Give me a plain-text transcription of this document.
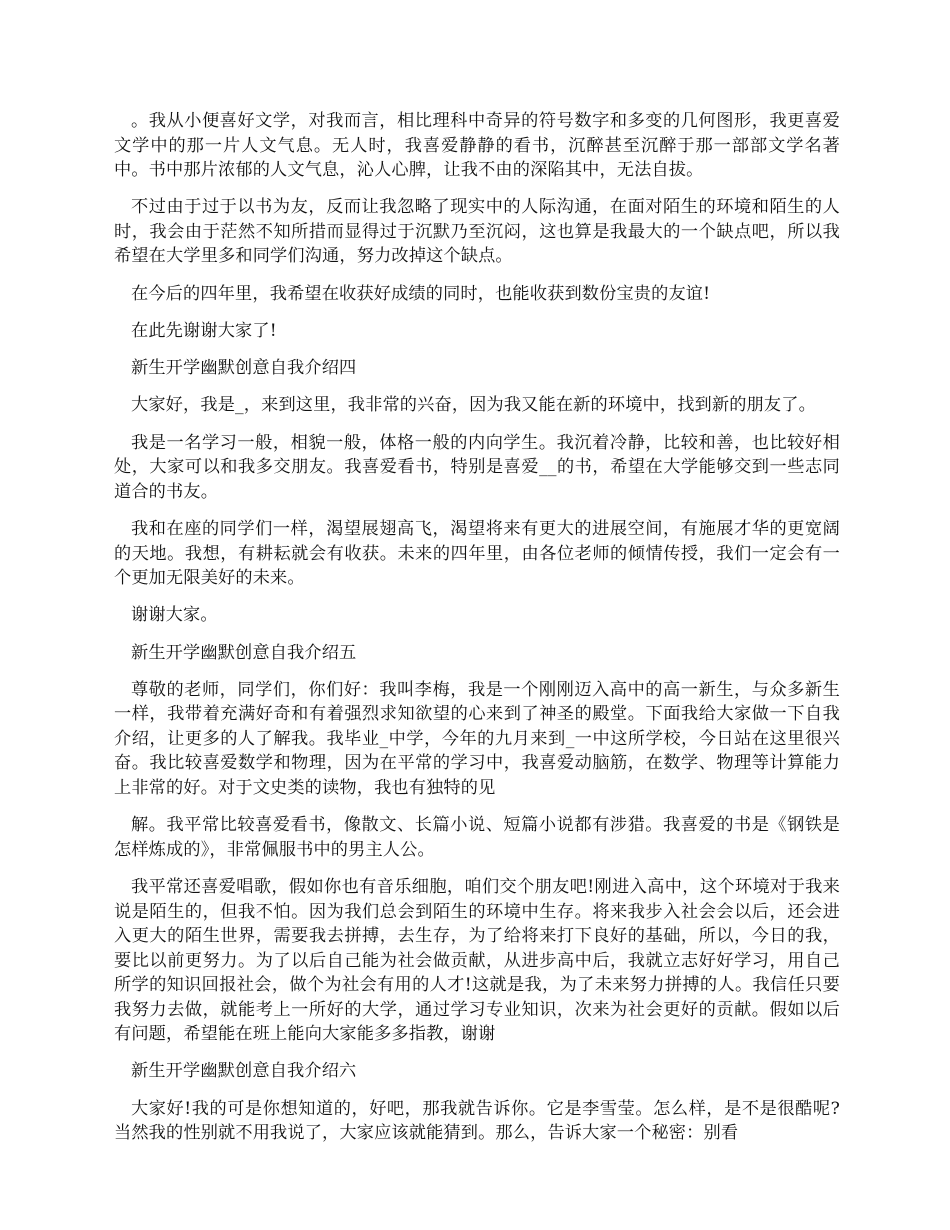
。我从小便喜好文学，对我而言，相比理科中奇异的符号数字和多变的几何图形，我更喜爱文学中的那一片人文气息。无人时，我喜爱静静的看书，沉醉甚至沉醉于那一部部文学名著中。书中那片浓郁的人文气息，沁人心脾，让我不由的深陷其中，无法自拔。

不过由于过于以书为友，反而让我忽略了现实中的人际沟通，在面对陌生的环境和陌生的人时，我会由于茫然不知所措而显得过于沉默乃至沉闷，这也算是我最大的一个缺点吧，所以我希望在大学里多和同学们沟通，努力改掉这个缺点。

在今后的四年里，我希望在收获好成绩的同时，也能收获到数份宝贵的友谊!

在此先谢谢大家了!

新生开学幽默创意自我介绍四

大家好，我是_，来到这里，我非常的兴奋，因为我又能在新的环境中，找到新的朋友了。

我是一名学习一般，相貌一般，体格一般的内向学生。我沉着冷静，比较和善，也比较好相处，大家可以和我多交朋友。我喜爱看书，特别是喜爱__的书，希望在大学能够交到一些志同道合的书友。

我和在座的同学们一样，渴望展翅高飞，渴望将来有更大的进展空间，有施展才华的更宽阔的天地。我想，有耕耘就会有收获。未来的四年里，由各位老师的倾情传授，我们一定会有一个更加无限美好的未来。

谢谢大家。

新生开学幽默创意自我介绍五

尊敬的老师，同学们，你们好：我叫李梅，我是一个刚刚迈入高中的高一新生，与众多新生一样，我带着充满好奇和有着强烈求知欲望的心来到了神圣的殿堂。下面我给大家做一下自我介绍，让更多的人了解我。我毕业_中学，今年的九月来到_一中这所学校，今日站在这里很兴奋。我比较喜爱数学和物理，因为在平常的学习中，我喜爱动脑筋，在数学、物理等计算能力上非常的好。对于文史类的读物，我也有独特的见

解。我平常比较喜爱看书，像散文、长篇小说、短篇小说都有涉猎。我喜爱的书是《钢铁是怎样炼成的》，非常佩服书中的男主人公。

我平常还喜爱唱歌，假如你也有音乐细胞，咱们交个朋友吧!刚进入高中，这个环境对于我来说是陌生的，但我不怕。因为我们总会到陌生的环境中生存。将来我步入社会会以后，还会进入更大的陌生世界，需要我去拼搏，去生存，为了给将来打下良好的基础，所以，今日的我，要比以前更努力。为了以后自己能为社会做贡献，从进步高中后，我就立志好好学习，用自己所学的知识回报社会，做个为社会有用的人才!这就是我，为了未来努力拼搏的人。我信任只要我努力去做，就能考上一所好的大学，通过学习专业知识，次来为社会更好的贡献。假如以后有问题，希望能在班上能向大家能多多指教，谢谢

新生开学幽默创意自我介绍六

大家好!我的可是你想知道的，好吧，那我就告诉你。它是李雪莹。怎么样，是不是很酷呢?当然我的性别就不用我说了，大家应该就能猜到。那么，告诉大家一个秘密：别看
